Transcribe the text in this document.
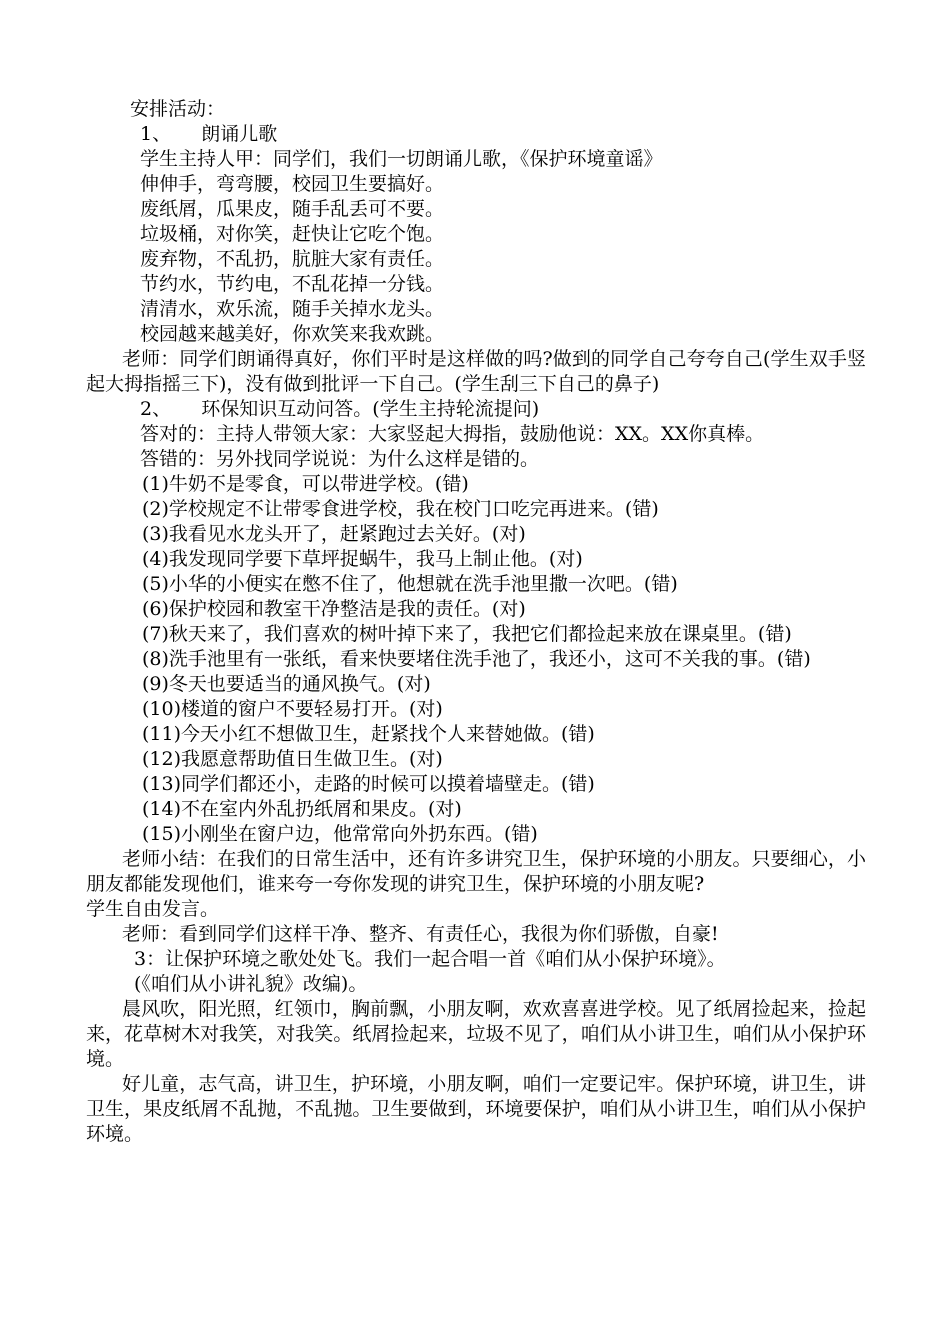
安排活动：
1、     朗诵儿歌
学生主持人甲：同学们，我们一切朗诵儿歌，《保护环境童谣》
伸伸手，弯弯腰，校园卫生要搞好。
废纸屑，瓜果皮，随手乱丢可不要。
垃圾桶，对你笑，赶快让它吃个饱。
废弃物，不乱扔，肮脏大家有责任。
节约水，节约电，不乱花掉一分钱。
清清水，欢乐流，随手关掉水龙头。
校园越来越美好，你欢笑来我欢跳。
老师：同学们朗诵得真好，你们平时是这样做的吗?做到的同学自己夸夸自己(学生双手竖起大拇指摇三下)，没有做到批评一下自己。(学生刮三下自己的鼻子)
2、     环保知识互动问答。(学生主持轮流提问)
答对的：主持人带领大家：大家竖起大拇指，鼓励他说：XX。XX你真棒。
答错的：另外找同学说说：为什么这样是错的。
(1)牛奶不是零食，可以带进学校。(错)
(2)学校规定不让带零食进学校，我在校门口吃完再进来。(错)
(3)我看见水龙头开了，赶紧跑过去关好。(对)
(4)我发现同学要下草坪捉蜗牛，我马上制止他。(对)
(5)小华的小便实在憋不住了，他想就在洗手池里撒一次吧。(错)
(6)保护校园和教室干净整洁是我的责任。(对)
(7)秋天来了，我们喜欢的树叶掉下来了，我把它们都捡起来放在课桌里。(错)
(8)洗手池里有一张纸，看来快要堵住洗手池了，我还小，这可不关我的事。(错)
(9)冬天也要适当的通风换气。(对)
(10)楼道的窗户不要轻易打开。(对)
(11)今天小红不想做卫生，赶紧找个人来替她做。(错)
(12)我愿意帮助值日生做卫生。(对)
(13)同学们都还小，走路的时候可以摸着墙壁走。(错)
(14)不在室内外乱扔纸屑和果皮。(对)
(15)小刚坐在窗户边，他常常向外扔东西。(错)
老师小结：在我们的日常生活中，还有许多讲究卫生，保护环境的小朋友。只要细心，小朋友都能发现他们，谁来夸一夸你发现的讲究卫生，保护环境的小朋友呢?
学生自由发言。
老师：看到同学们这样干净、整齐、有责任心，我很为你们骄傲，自豪!
3：让保护环境之歌处处飞。我们一起合唱一首《咱们从小保护环境》。
(《咱们从小讲礼貌》改编)。
晨风吹，阳光照，红领巾，胸前飘，小朋友啊，欢欢喜喜进学校。见了纸屑捡起来，捡起来，花草树木对我笑，对我笑。纸屑捡起来，垃圾不见了，咱们从小讲卫生，咱们从小保护环境。
好儿童，志气高，讲卫生，护环境，小朋友啊，咱们一定要记牢。保护环境，讲卫生，讲卫生，果皮纸屑不乱抛，不乱抛。卫生要做到，环境要保护，咱们从小讲卫生，咱们从小保护环境。
